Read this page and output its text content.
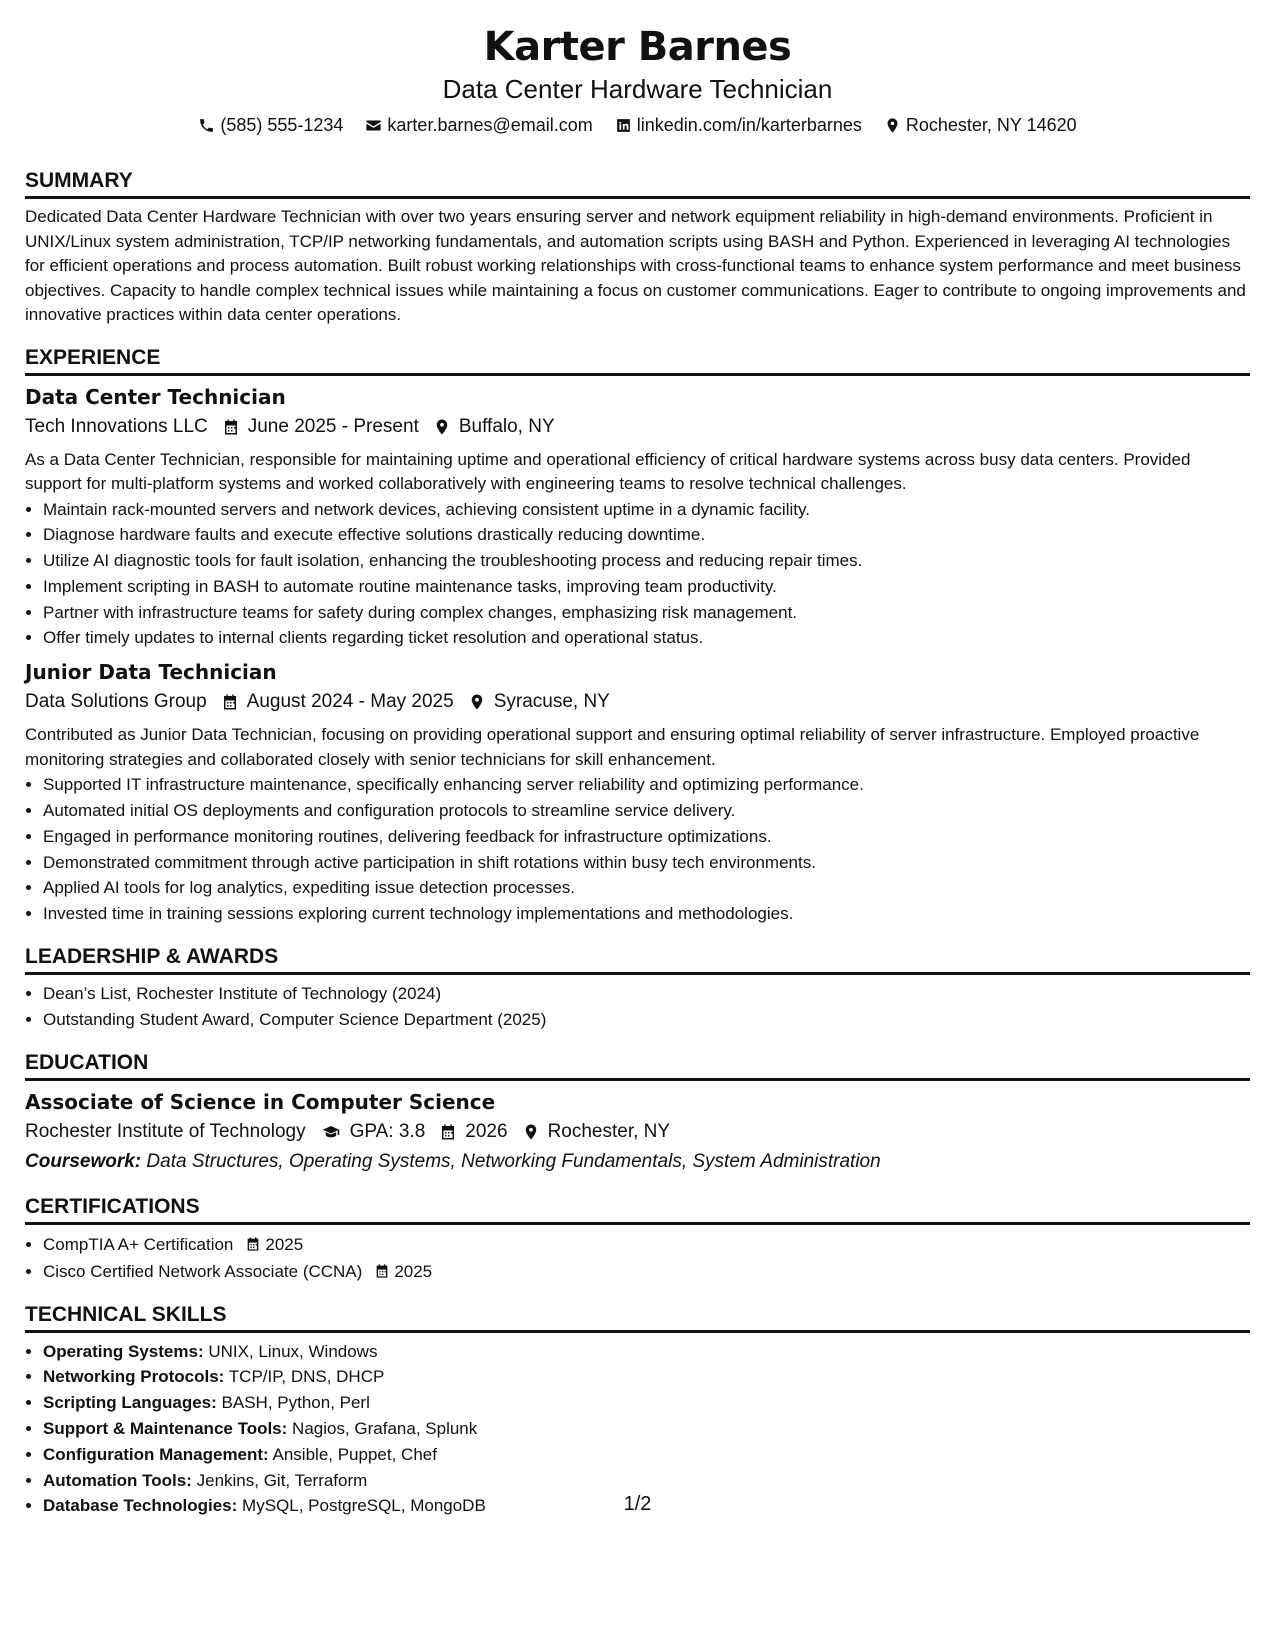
Karter Barnes
Data Center Hardware Technician
(585) 555-1234 karter.barnes@email.com linkedin.com/in/karterbarnes Rochester, NY 14620
SUMMARY

Dedicated Data Center Hardware Technician with over two years ensuring server and network equipment reliability in high-demand environments. Proficient in UNIX/Linux system administration, TCP/IP networking fundamentals, and automation scripts using BASH and Python. Experienced in leveraging AI technologies for efficient operations and process automation. Built robust working relationships with cross-functional teams to enhance system performance and meet business objectives. Capacity to handle complex technical issues while maintaining a focus on customer communications. Eager to contribute to ongoing improvements and innovative practices within data center operations.

EXPERIENCE
Data Center Technician
Tech Innovations LLC June 2025 - Present Buffalo, NY

As a Data Center Technician, responsible for maintaining uptime and operational efficiency of critical hardware systems across busy data centers. Provided support for multi-platform systems and worked collaboratively with engineering teams to resolve technical challenges.

• Maintain rack-mounted servers and network devices, achieving consistent uptime in a dynamic facility.
• Diagnose hardware faults and execute effective solutions drastically reducing downtime.
• Utilize AI diagnostic tools for fault isolation, enhancing the troubleshooting process and reducing repair times.
• Implement scripting in BASH to automate routine maintenance tasks, improving team productivity.
• Partner with infrastructure teams for safety during complex changes, emphasizing risk management.
• Offer timely updates to internal clients regarding ticket resolution and operational status.
Junior Data Technician
Data Solutions Group August 2024 - May 2025 Syracuse, NY

Contributed as Junior Data Technician, focusing on providing operational support and ensuring optimal reliability of server infrastructure. Employed proactive monitoring strategies and collaborated closely with senior technicians for skill enhancement.

• Supported IT infrastructure maintenance, specifically enhancing server reliability and optimizing performance.
• Automated initial OS deployments and configuration protocols to streamline service delivery.
• Engaged in performance monitoring routines, delivering feedback for infrastructure optimizations.
• Demonstrated commitment through active participation in shift rotations within busy tech environments.
• Applied AI tools for log analytics, expediting issue detection processes.
• Invested time in training sessions exploring current technology implementations and methodologies.
LEADERSHIP & AWARDS
• Dean’s List, Rochester Institute of Technology (2024)
• Outstanding Student Award, Computer Science Department (2025)
EDUCATION
Associate of Science in Computer Science
Rochester Institute of Technology GPA: 3.8 2026 Rochester, NY
Coursework: Data Structures, Operating Systems, Networking Fundamentals, System Administration
CERTIFICATIONS
• CompTIA A+ Certification 2025
• Cisco Certified Network Associate (CCNA) 2025
TECHNICAL SKILLS
• Operating Systems: UNIX, Linux, Windows
• Networking Protocols: TCP/IP, DNS, DHCP
• Scripting Languages: BASH, Python, Perl
• Support & Maintenance Tools: Nagios, Grafana, Splunk
• Configuration Management: Ansible, Puppet, Chef
• Automation Tools: Jenkins, Git, Terraform
• Database Technologies: MySQL, PostgreSQL, MongoDB	1/2
